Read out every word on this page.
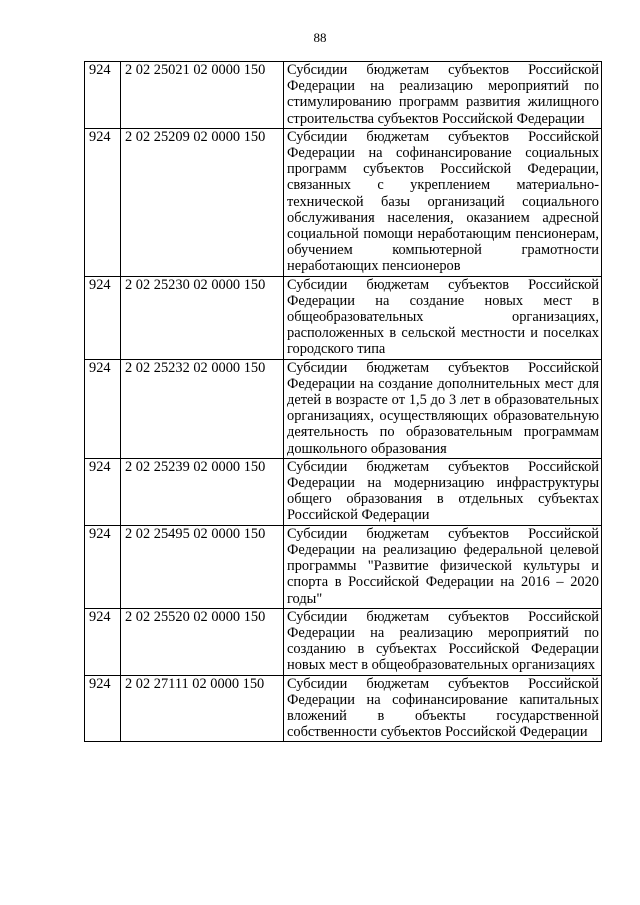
88
924	2 02 25021 02 0000 150	Субсидии бюджетам субъектов Российской Федерации на реализацию мероприятий по стимулированию программ развития жилищного строительства субъектов Российской Федерации
924	2 02 25209 02 0000 150	Субсидии бюджетам субъектов Российской Федерации на софинансирование социальных программ субъектов Российской Федерации, связанных с укреплением материально-технической базы организаций социального обслуживания населения, оказанием адресной социальной помощи неработающим пенсионерам, обучением компьютерной грамотности неработающих пенсионеров
924	2 02 25230 02 0000 150	Субсидии бюджетам субъектов Российской Федерации на создание новых мест в общеобразовательных организациях, расположенных в сельской местности и поселках городского типа
924	2 02 25232 02 0000 150	Субсидии бюджетам субъектов Российской Федерации на создание дополнительных мест для детей в возрасте от 1,5 до 3 лет в образовательных организациях, осуществляющих образовательную деятельность по образовательным программам дошкольного образования
924	2 02 25239 02 0000 150	Субсидии бюджетам субъектов Российской Федерации на модернизацию инфраструктуры общего образования в отдельных субъектах Российской Федерации
924	2 02 25495 02 0000 150	Субсидии бюджетам субъектов Российской Федерации на реализацию федеральной целевой программы "Развитие физической культуры и спорта в Российской Федерации на 2016 – 2020 годы"
924	2 02 25520 02 0000 150	Субсидии бюджетам субъектов Российской Федерации на реализацию мероприятий по созданию в субъектах Российской Федерации новых мест в общеобразовательных организациях
924	2 02 27111 02 0000 150	Субсидии бюджетам субъектов Российской Федерации на софинансирование капитальных вложений в объекты государственной собственности субъектов Российской Федерации
